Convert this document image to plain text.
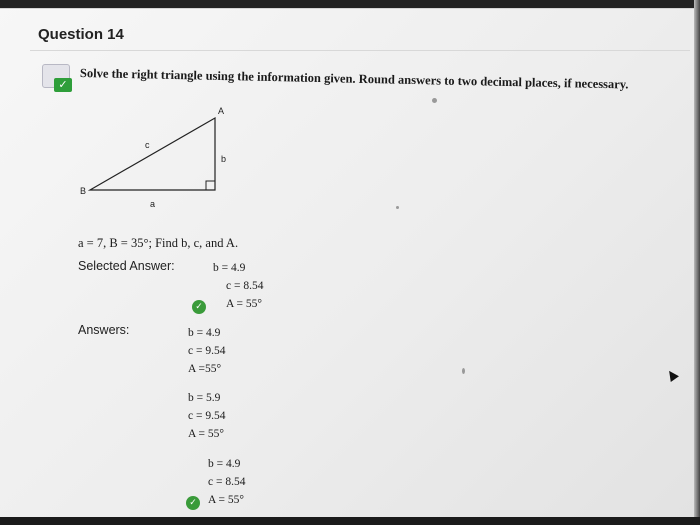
Question 14
✓ Solve the right triangle using the information given. Round answers to two decimal places, if necessary.
A
B
c
b
a
a = 7, B = 35°; Find b, c, and A.
Selected Answer:	b = 4.9
c = 8.54
A = 55°
✓
Answers:	b = 4.9
c = 9.54
A =55°
b = 5.9
c = 9.54
A = 55°
b = 4.9
c = 8.54
A = 55°
✓
